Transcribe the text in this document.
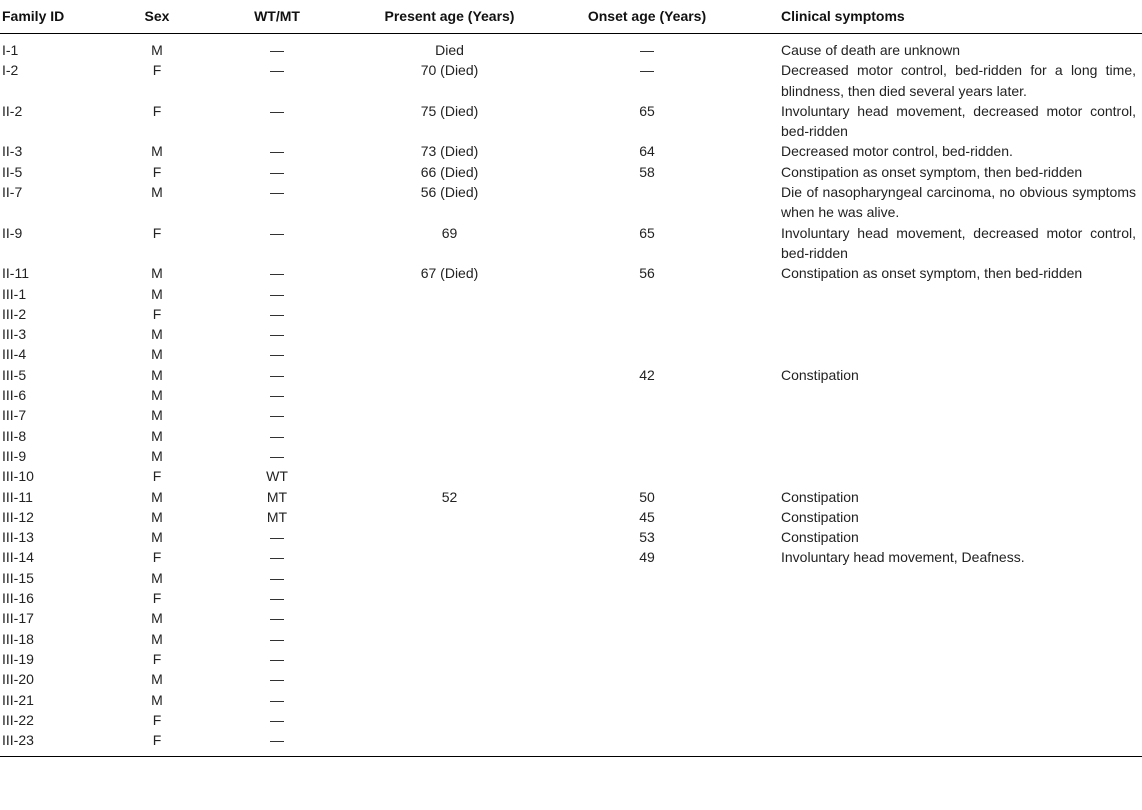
Family ID	Sex	WT/MT	Present age (Years)	Onset age (Years)	Clinical symptoms
I-1	M	—	Died	—	Cause of death are unknown
I-2	F	—	70 (Died)	—	Decreased motor control, bed-ridden for a long time, blindness, then died several years later.
II-2	F	—	75 (Died)	65	Involuntary head movement, decreased motor control, bed-ridden
II-3	M	—	73 (Died)	64	Decreased motor control, bed-ridden.
II-5	F	—	66 (Died)	58	Constipation as onset symptom, then bed-ridden
II-7	M	—	56 (Died)		Die of nasopharyngeal carcinoma, no obvious symptoms when he was alive.
II-9	F	—	69	65	Involuntary head movement, decreased motor control, bed-ridden
II-11	M	—	67 (Died)	56	Constipation as onset symptom, then bed-ridden
III-1	M	—			
III-2	F	—			
III-3	M	—			
III-4	M	—			
III-5	M	—		42	Constipation
III-6	M	—			
III-7	M	—			
III-8	M	—			
III-9	M	—			
III-10	F	WT			
III-11	M	MT	52	50	Constipation
III-12	M	MT		45	Constipation
III-13	M	—		53	Constipation
III-14	F	—		49	Involuntary head movement, Deafness.
III-15	M	—			
III-16	F	—			
III-17	M	—			
III-18	M	—			
III-19	F	—			
III-20	M	—			
III-21	M	—			
III-22	F	—			
III-23	F	—			
